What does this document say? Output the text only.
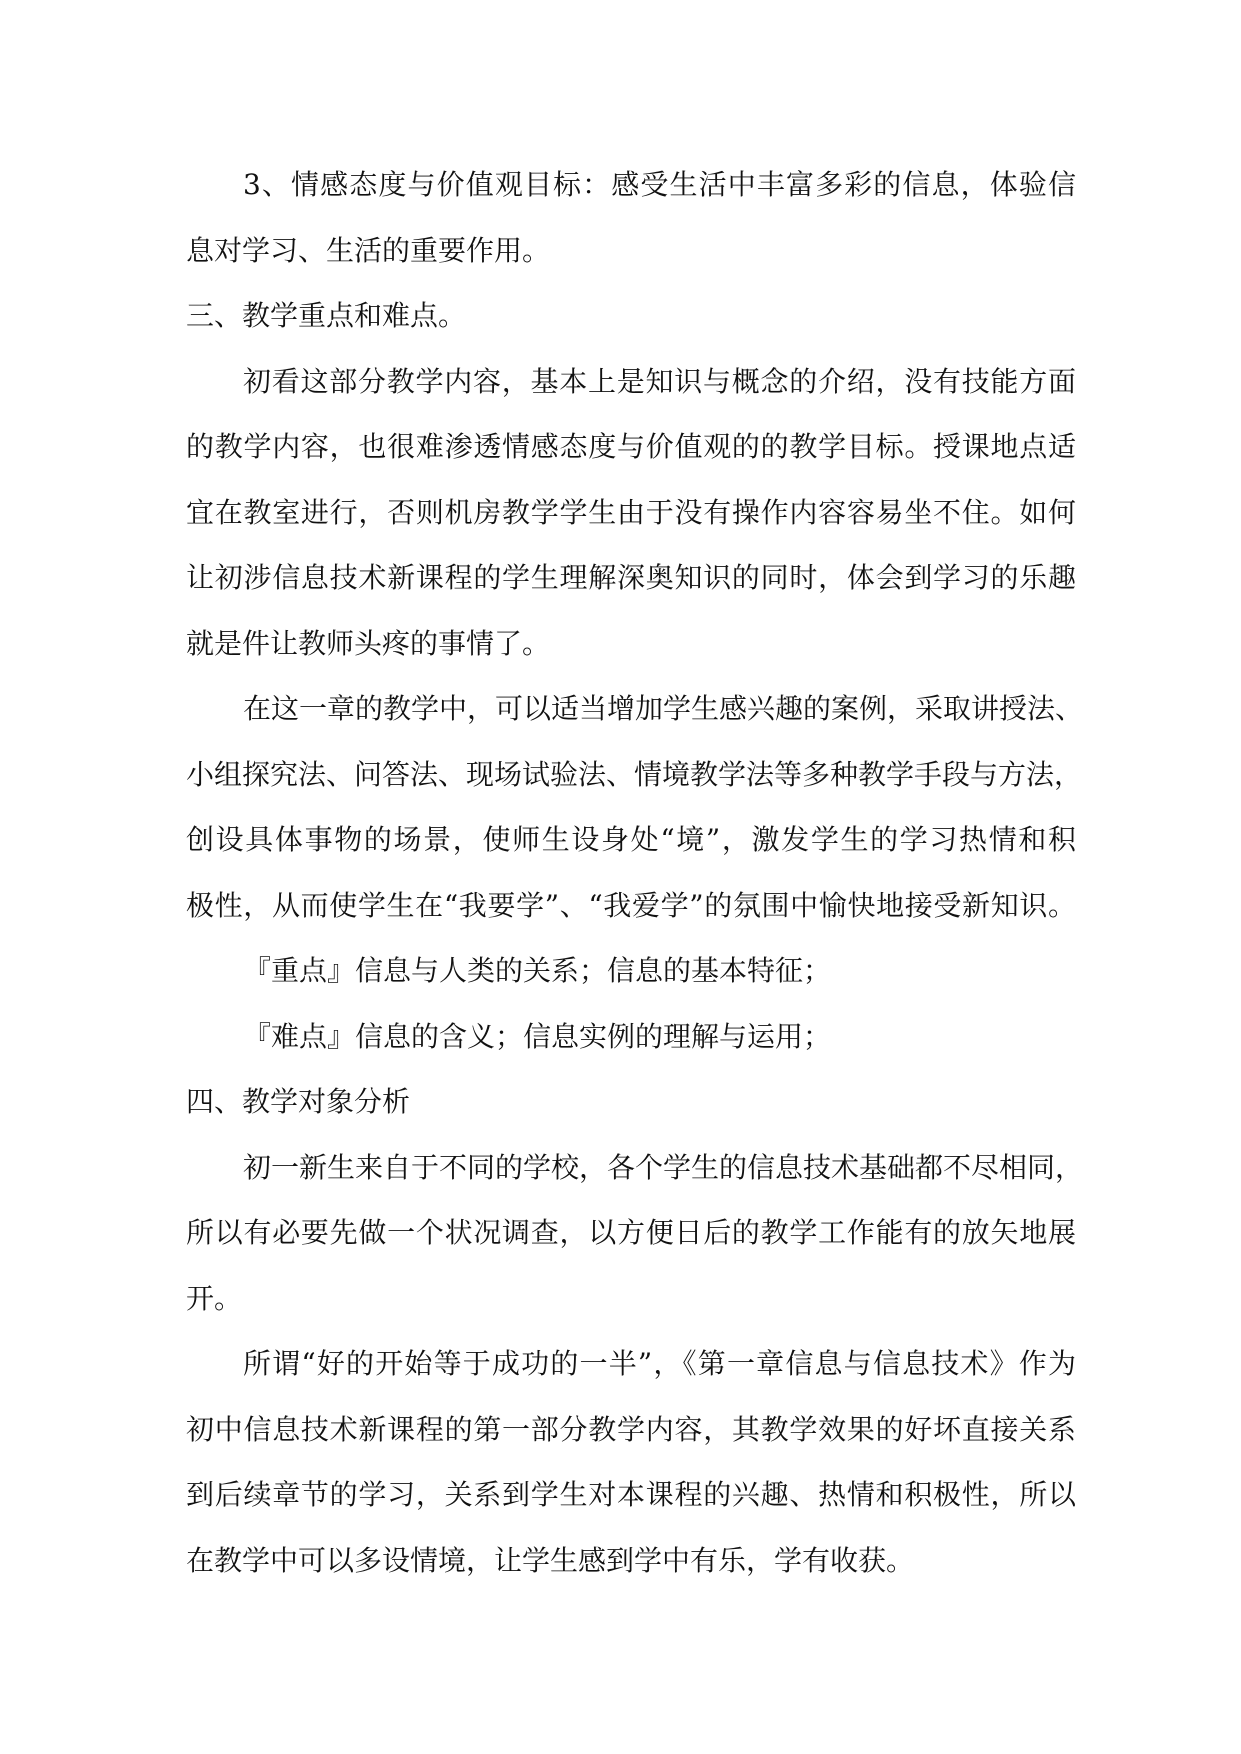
3、情感态度与价值观目标：感受生活中丰富多彩的信息，体验信
息对学习、生活的重要作用。
三、教学重点和难点。
初看这部分教学内容，基本上是知识与概念的介绍，没有技能方面
的教学内容，也很难渗透情感态度与价值观的的教学目标。授课地点适
宜在教室进行，否则机房教学学生由于没有操作内容容易坐不住。如何
让初涉信息技术新课程的学生理解深奥知识的同时，体会到学习的乐趣
就是件让教师头疼的事情了。
在这一章的教学中，可以适当增加学生感兴趣的案例，采取讲授法、
小组探究法、问答法、现场试验法、情境教学法等多种教学手段与方法，
创设具体事物的场景，使师生设身处“境”，激发学生的学习热情和积
极性，从而使学生在“我要学”、“我爱学”的氛围中愉快地接受新知识。
『重点』信息与人类的关系；信息的基本特征；
『难点』信息的含义；信息实例的理解与运用；
四、教学对象分析
初一新生来自于不同的学校，各个学生的信息技术基础都不尽相同，
所以有必要先做一个状况调查，以方便日后的教学工作能有的放矢地展
开。
所谓“好的开始等于成功的一半”，《第一章信息与信息技术》作为
初中信息技术新课程的第一部分教学内容，其教学效果的好坏直接关系
到后续章节的学习，关系到学生对本课程的兴趣、热情和积极性，所以
在教学中可以多设情境，让学生感到学中有乐，学有收获。
